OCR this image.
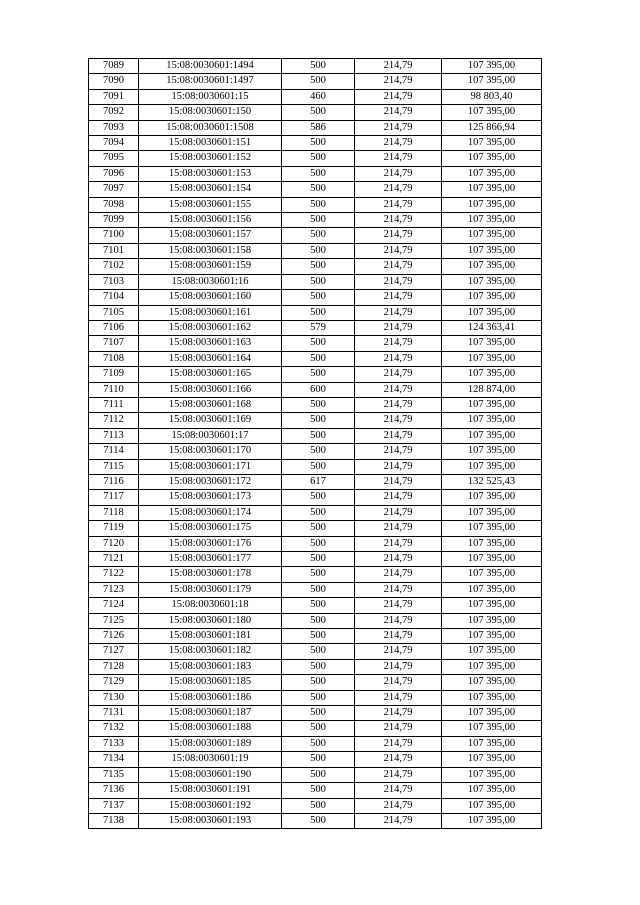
7089	15:08:0030601:1494	500	214,79	107 395,00
7090	15:08:0030601:1497	500	214,79	107 395,00
7091	15:08:0030601:15	460	214,79	98 803,40
7092	15:08:0030601:150	500	214,79	107 395,00
7093	15:08:0030601:1508	586	214,79	125 866,94
7094	15:08:0030601:151	500	214,79	107 395,00
7095	15:08:0030601:152	500	214,79	107 395,00
7096	15:08:0030601:153	500	214,79	107 395,00
7097	15:08:0030601:154	500	214,79	107 395,00
7098	15:08:0030601:155	500	214,79	107 395,00
7099	15:08:0030601:156	500	214,79	107 395,00
7100	15:08:0030601:157	500	214,79	107 395,00
7101	15:08:0030601:158	500	214,79	107 395,00
7102	15:08:0030601:159	500	214,79	107 395,00
7103	15:08:0030601:16	500	214,79	107 395,00
7104	15:08:0030601:160	500	214,79	107 395,00
7105	15:08:0030601:161	500	214,79	107 395,00
7106	15:08:0030601:162	579	214,79	124 363,41
7107	15:08:0030601:163	500	214,79	107 395,00
7108	15:08:0030601:164	500	214,79	107 395,00
7109	15:08:0030601:165	500	214,79	107 395,00
7110	15:08:0030601:166	600	214,79	128 874,00
7111	15:08:0030601:168	500	214,79	107 395,00
7112	15:08:0030601:169	500	214,79	107 395,00
7113	15:08:0030601:17	500	214,79	107 395,00
7114	15:08:0030601:170	500	214,79	107 395,00
7115	15:08:0030601:171	500	214,79	107 395,00
7116	15:08:0030601:172	617	214,79	132 525,43
7117	15:08:0030601:173	500	214,79	107 395,00
7118	15:08:0030601:174	500	214,79	107 395,00
7119	15:08:0030601:175	500	214,79	107 395,00
7120	15:08:0030601:176	500	214,79	107 395,00
7121	15:08:0030601:177	500	214,79	107 395,00
7122	15:08:0030601:178	500	214,79	107 395,00
7123	15:08:0030601:179	500	214,79	107 395,00
7124	15:08:0030601:18	500	214,79	107 395,00
7125	15:08:0030601:180	500	214,79	107 395,00
7126	15:08:0030601:181	500	214,79	107 395,00
7127	15:08:0030601:182	500	214,79	107 395,00
7128	15:08:0030601:183	500	214,79	107 395,00
7129	15:08:0030601:185	500	214,79	107 395,00
7130	15:08:0030601:186	500	214,79	107 395,00
7131	15:08:0030601:187	500	214,79	107 395,00
7132	15:08:0030601:188	500	214,79	107 395,00
7133	15:08:0030601:189	500	214,79	107 395,00
7134	15:08:0030601:19	500	214,79	107 395,00
7135	15:08:0030601:190	500	214,79	107 395,00
7136	15:08:0030601:191	500	214,79	107 395,00
7137	15:08:0030601:192	500	214,79	107 395,00
7138	15:08:0030601:193	500	214,79	107 395,00
